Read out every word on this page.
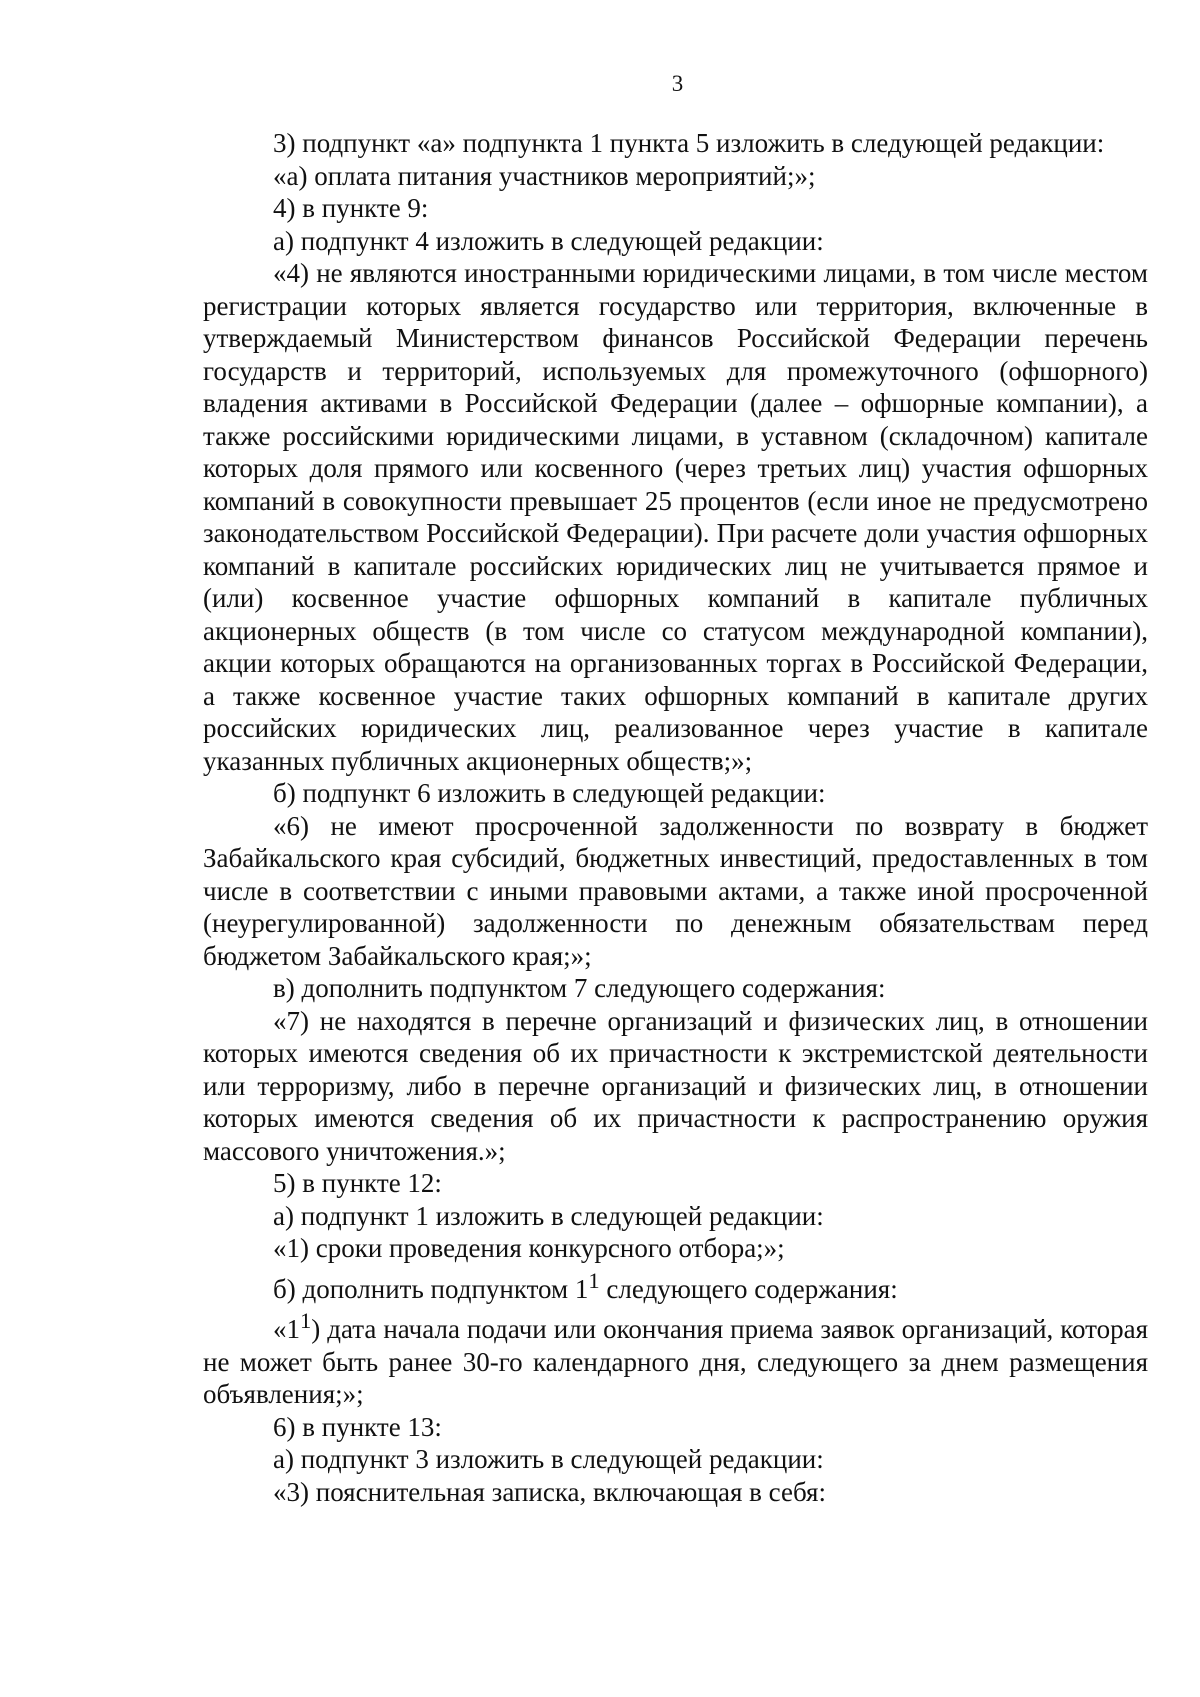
3

3) подпункт «а» подпункта 1 пункта 5 изложить в следующей редакции:

«а) оплата питания участников мероприятий;»;

4) в пункте 9:

а) подпункт 4 изложить в следующей редакции:

«4) не являются иностранными юридическими лицами, в том числе местом регистрации которых является государство или территория, включенные в утверждаемый Министерством финансов Российской Федерации перечень государств и территорий, используемых для промежуточного (офшорного) владения активами в Российской Федерации (далее – офшорные компании), а также российскими юридическими лицами, в уставном (складочном) капитале которых доля прямого или косвенного (через третьих лиц) участия офшорных компаний в совокупности превышает 25 процентов (если иное не предусмотрено законодательством Российской Федерации). При расчете доли участия офшорных компаний в капитале российских юридических лиц не учитывается прямое и (или) косвенное участие офшорных компаний в капитале публичных акционерных обществ (в том числе со статусом международной компании), акции которых обращаются на организованных торгах в Российской Федерации, а также косвенное участие таких офшорных компаний в капитале других российских юридических лиц, реализованное через участие в капитале указанных публичных акционерных обществ;»;

б) подпункт 6 изложить в следующей редакции:

«6) не имеют просроченной задолженности по возврату в бюджет Забайкальского края субсидий, бюджетных инвестиций, предоставленных в том числе в соответствии с иными правовыми актами, а также иной просроченной (неурегулированной) задолженности по денежным обязательствам перед бюджетом Забайкальского края;»;

в) дополнить подпунктом 7 следующего содержания:

«7) не находятся в перечне организаций и физических лиц, в отношении которых имеются сведения об их причастности к экстремистской деятельности или терроризму, либо в перечне организаций и физических лиц, в отношении которых имеются сведения об их причастности к распространению оружия массового уничтожения.»;

5) в пункте 12:

а) подпункт 1 изложить в следующей редакции:

«1) сроки проведения конкурсного отбора;»;

б) дополнить подпунктом $1^1$ следующего содержания:

«$1^1$) дата начала подачи или окончания приема заявок организаций, которая не может быть ранее 30-го календарного дня, следующего за днем размещения объявления;»;

6) в пункте 13:

а) подпункт 3 изложить в следующей редакции:

«3) пояснительная записка, включающая в себя:
